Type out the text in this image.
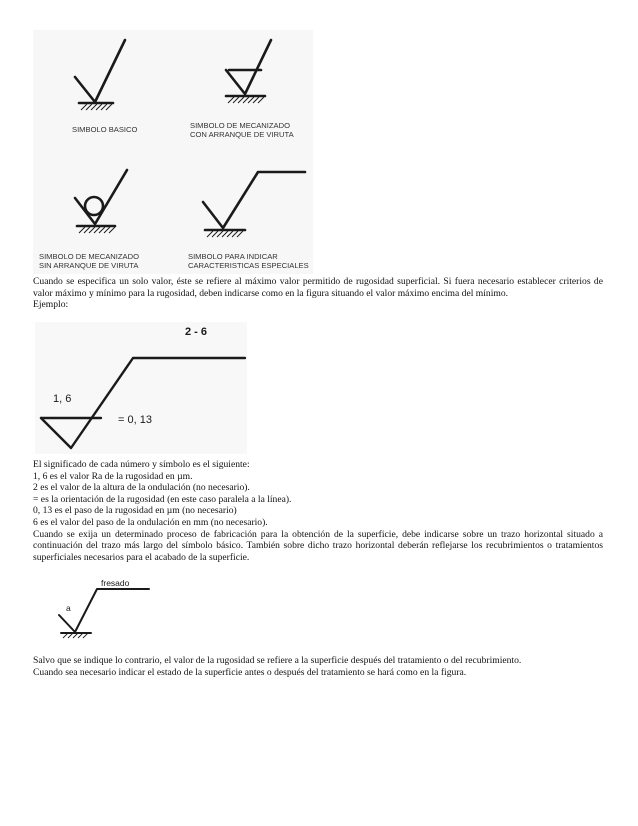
SIMBOLO BASICO	SIMBOLO DE MECANIZADO
CON ARRANQUE DE VIRUTA
SIMBOLO DE MECANIZADO
SIN ARRANQUE DE VIRUTA
SIMBOLO PARA INDICAR
CARACTERISTICAS ESPECIALES

Cuando se especifica un solo valor, éste se refiere al máximo valor permitido de rugosidad superficial. Si fuera necesario establecer criterios de valor máximo y mínimo para la rugosidad, deben indicarse como en la figura situando el valor máximo encima del mínimo.

Ejemplo:

2 - 6
1, 6
= 0, 13

El significado de cada número y símbolo es el siguiente:

1, 6 es el valor Ra de la rugosidad en µm.

2 es el valor de la altura de la ondulación (no necesario).

= es la orientación de la rugosidad (en este caso paralela a la línea).

0, 13 es el paso de la rugosidad en µm (no necesario)

6 es el valor del paso de la ondulación en mm (no necesario).

Cuando se exija un determinado proceso de fabricación para la obtención de la superficie, debe indicarse sobre un trazo horizontal situado a continuación del trazo más largo del símbolo básico. También sobre dicho trazo horizontal deberán reflejarse los recubrimientos o tratamientos superficiales necesarios para el acabado de la superficie.

fresado
a

Salvo que se indique lo contrario, el valor de la rugosidad se refiere a la superficie después del tratamiento o del recubrimiento.

Cuando sea necesario indicar el estado de la superficie antes o después del tratamiento se hará como en la figura.
